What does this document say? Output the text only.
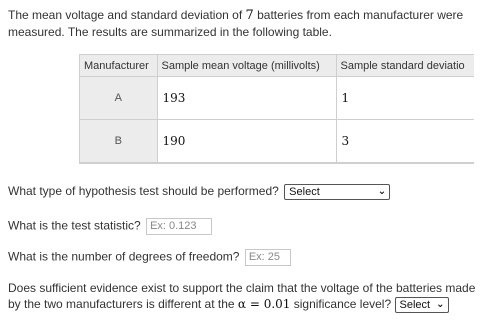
The mean voltage and standard deviation of 7 batteries from each manufacturer were measured. The results are summarized in the following table.
Manufacturer	Sample mean voltage (millivolts)	Sample standard deviatio
A	193	1
B	190	3
What type of hypothesis test should be performed? Select	⌄
What is the test statistic? Ex: 0.123
What is the number of degrees of freedom? Ex: 25
Does sufficient evidence exist to support the claim that the voltage of the batteries made by the two manufacturers is different at the α = 0.01 significance level? Select ⌄
